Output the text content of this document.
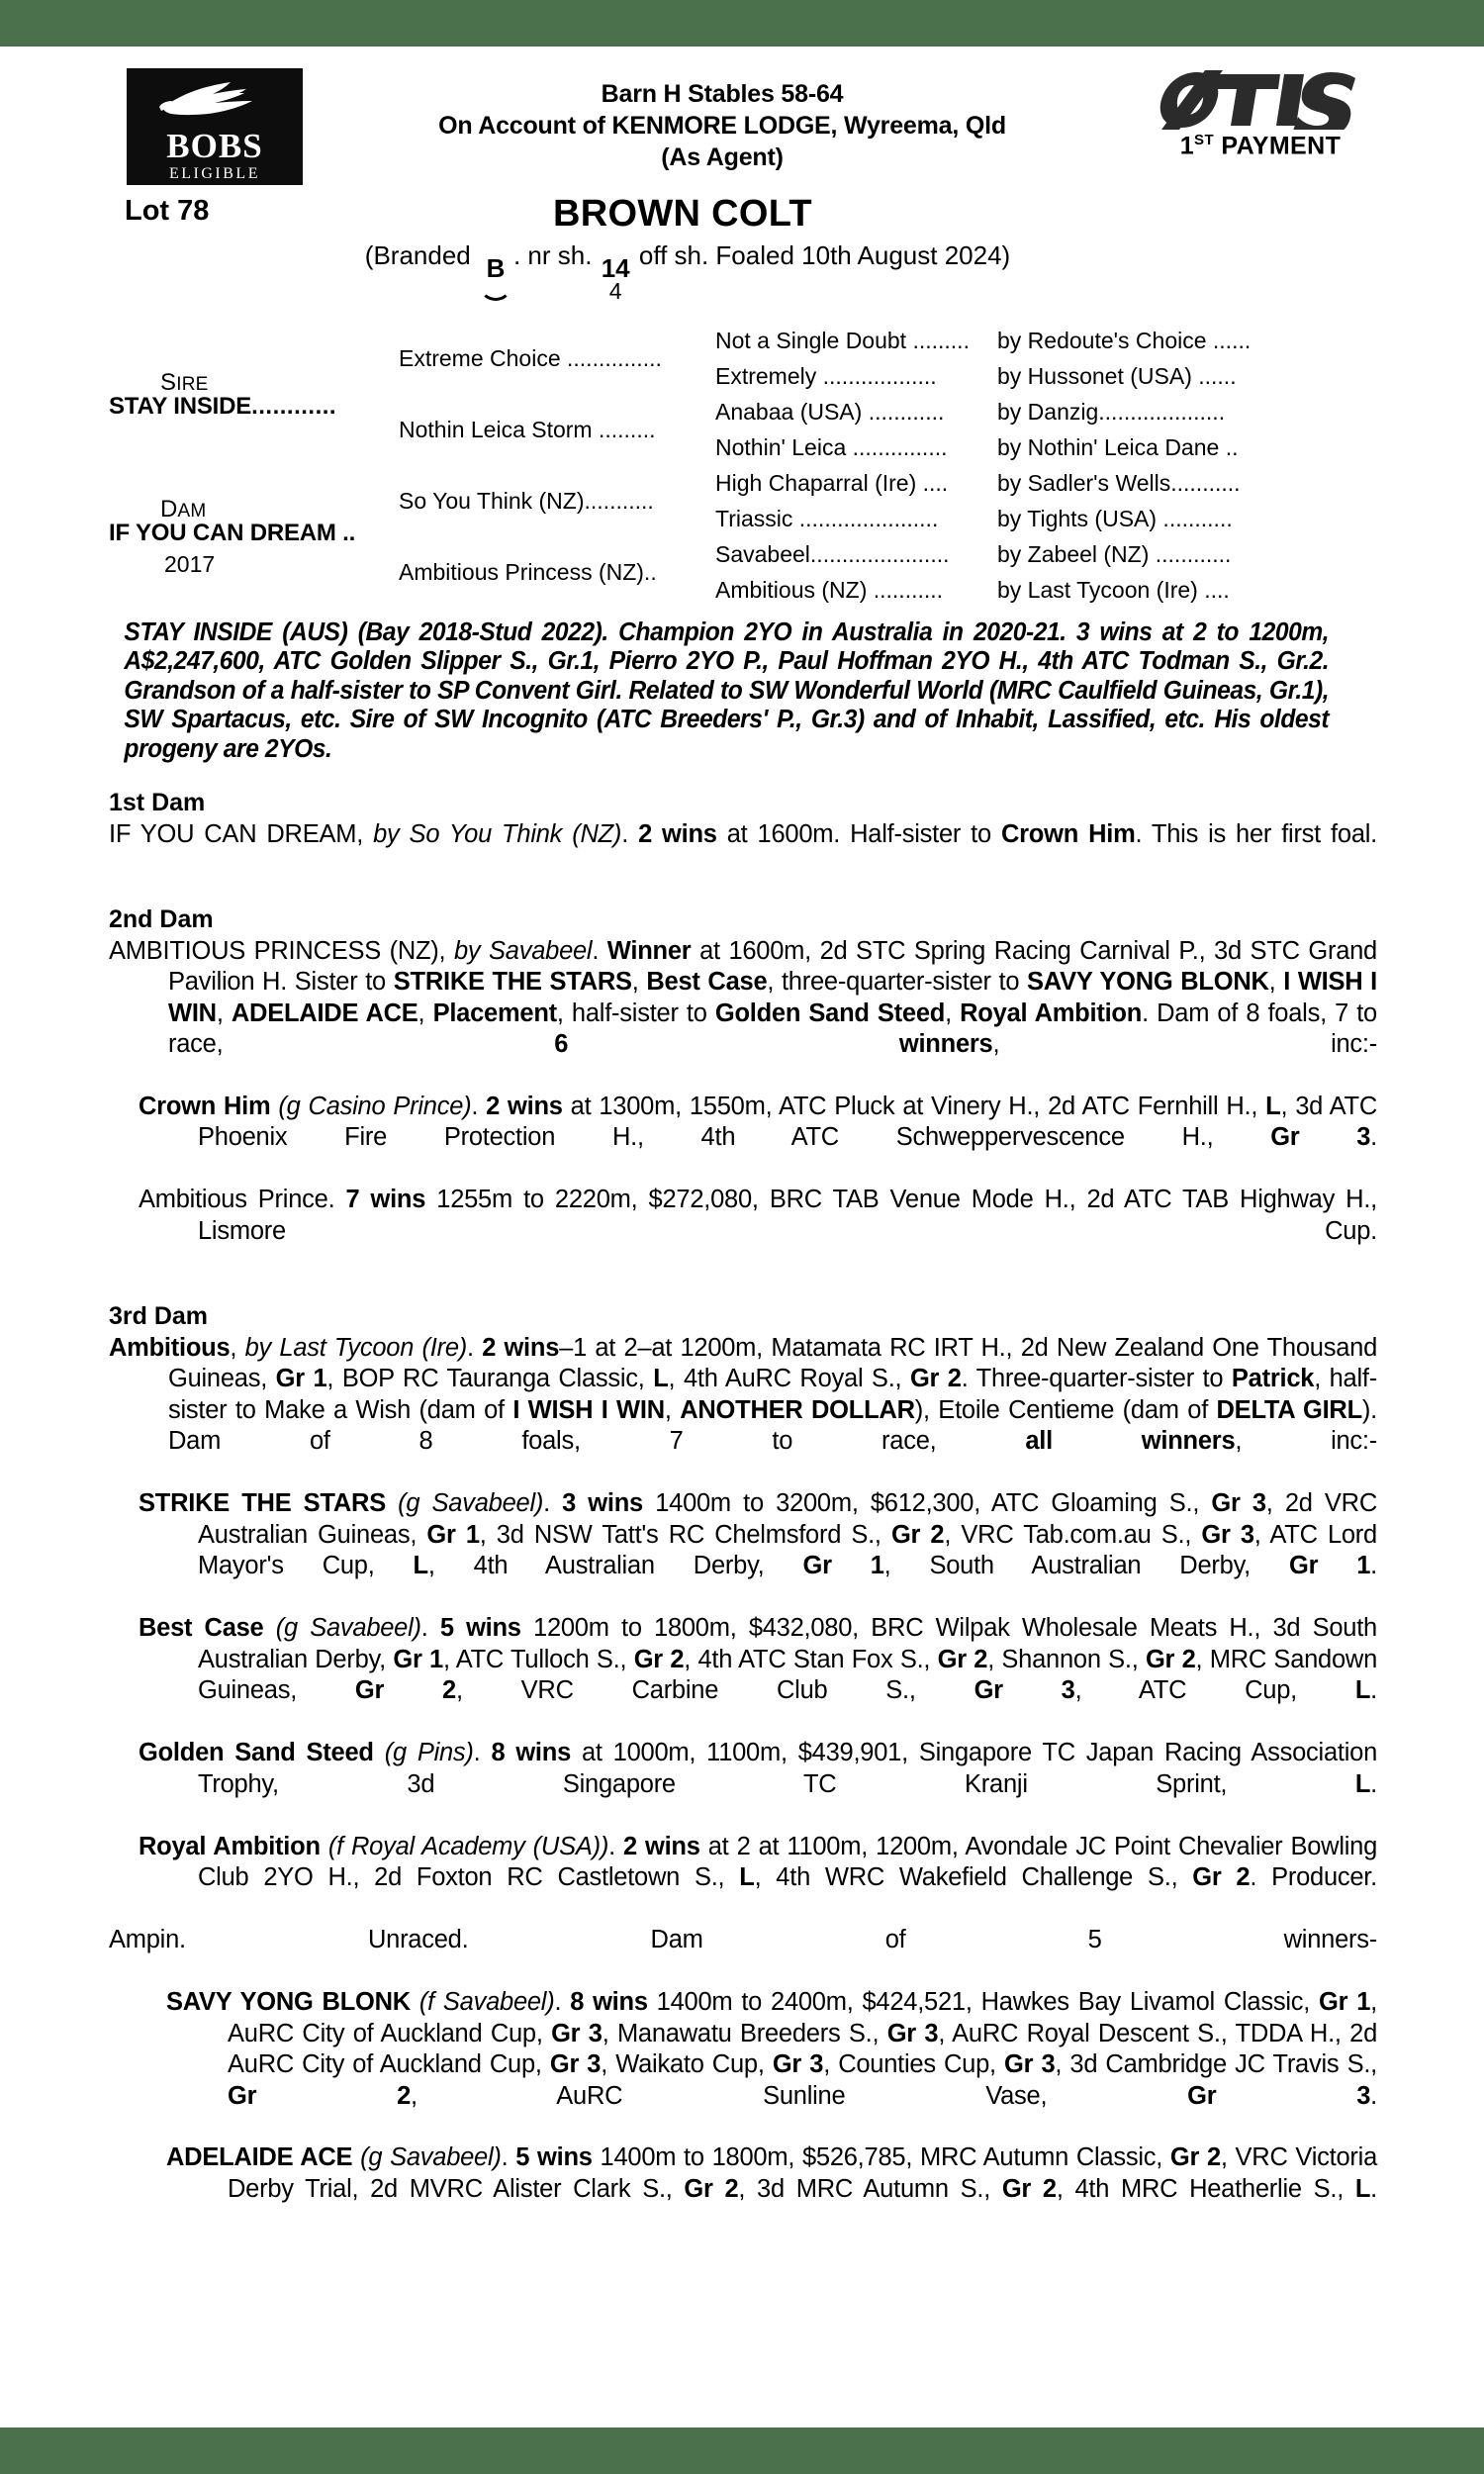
BOBS
ELIGIBLE
Barn H Stables 58-64
On Account of KENMORE LODGE, Wyreema, Qld
(As Agent)	1ST PAYMENT
Lot 78	BROWN COLT
(Branded B . nr sh. 14
4
off sh. Foaled 10th August 2024)
SIRE
STAY INSIDE............
DAM
IF YOU CAN DREAM ..
2017
Extreme Choice ...............
Nothin Leica Storm .........
So You Think (NZ)...........
Ambitious Princess (NZ)..
Not a Single Doubt .........
Extremely ..................
Anabaa (USA) ............
Nothin' Leica ...............
High Chaparral (Ire) ....
Triassic ......................
Savabeel......................
Ambitious (NZ) ...........
by Redoute's Choice ......
by Hussonet (USA) ......
by Danzig....................
by Nothin' Leica Dane ..
by Sadler's Wells...........
by Tights (USA) ...........
by Zabeel (NZ) ............
by Last Tycoon (Ire) ....
STAY INSIDE (AUS) (Bay 2018-Stud 2022). Champion 2YO in Australia in 2020-21. 3 wins at 2 to 1200m, A$2,247,600, ATC Golden Slipper S., Gr.1, Pierro 2YO P., Paul Hoffman 2YO H., 4th ATC Todman S., Gr.2. Grandson of a half-sister to SP Convent Girl. Related to SW Wonderful World (MRC Caulfield Guineas, Gr.1), SW Spartacus, etc. Sire of SW Incognito (ATC Breeders' P., Gr.3) and of Inhabit, Lassified, etc. His oldest progeny are 2YOs.
1st Dam
IF YOU CAN DREAM, by So You Think (NZ). 2 wins at 1600m. Half-sister to Crown Him. This is her first foal.
2nd Dam
AMBITIOUS PRINCESS (NZ), by Savabeel. Winner at 1600m, 2d STC Spring Racing Carnival P., 3d STC Grand Pavilion H. Sister to STRIKE THE STARS, Best Case, three-quarter-sister to SAVY YONG BLONK, I WISH I WIN, ADELAIDE ACE, Placement, half-sister to Golden Sand Steed, Royal Ambition. Dam of 8 foals, 7 to race, 6 winners, inc:-
Crown Him (g Casino Prince). 2 wins at 1300m, 1550m, ATC Pluck at Vinery H., 2d ATC Fernhill H., L, 3d ATC Phoenix Fire Protection H., 4th ATC Schweppervescence H., Gr 3.
Ambitious Prince. 7 wins 1255m to 2220m, $272,080, BRC TAB Venue Mode H., 2d ATC TAB Highway H., Lismore Cup.
3rd Dam
Ambitious, by Last Tycoon (Ire). 2 wins–1 at 2–at 1200m, Matamata RC IRT H., 2d New Zealand One Thousand Guineas, Gr 1, BOP RC Tauranga Classic, L, 4th AuRC Royal S., Gr 2. Three-quarter-sister to Patrick, half-sister to Make a Wish (dam of I WISH I WIN, ANOTHER DOLLAR), Etoile Centieme (dam of DELTA GIRL). Dam of 8 foals, 7 to race, all winners, inc:-
STRIKE THE STARS (g Savabeel). 3 wins 1400m to 3200m, $612,300, ATC Gloaming S., Gr 3, 2d VRC Australian Guineas, Gr 1, 3d NSW Tatt's RC Chelmsford S., Gr 2, VRC Tab.com.au S., Gr 3, ATC Lord Mayor's Cup, L, 4th Australian Derby, Gr 1, South Australian Derby, Gr 1.
Best Case (g Savabeel). 5 wins 1200m to 1800m, $432,080, BRC Wilpak Wholesale Meats H., 3d South Australian Derby, Gr 1, ATC Tulloch S., Gr 2, 4th ATC Stan Fox S., Gr 2, Shannon S., Gr 2, MRC Sandown Guineas, Gr 2, VRC Carbine Club S., Gr 3, ATC Cup, L.
Golden Sand Steed (g Pins). 8 wins at 1000m, 1100m, $439,901, Singapore TC Japan Racing Association Trophy, 3d Singapore TC Kranji Sprint, L.
Royal Ambition (f Royal Academy (USA)). 2 wins at 2 at 1100m, 1200m, Avondale JC Point Chevalier Bowling Club 2YO H., 2d Foxton RC Castletown S., L, 4th WRC Wakefield Challenge S., Gr 2. Producer.
Ampin. Unraced. Dam of 5 winners-
SAVY YONG BLONK (f Savabeel). 8 wins 1400m to 2400m, $424,521, Hawkes Bay Livamol Classic, Gr 1, AuRC City of Auckland Cup, Gr 3, Manawatu Breeders S., Gr 3, AuRC Royal Descent S., TDDA H., 2d AuRC City of Auckland Cup, Gr 3, Waikato Cup, Gr 3, Counties Cup, Gr 3, 3d Cambridge JC Travis S., Gr 2, AuRC Sunline Vase, Gr 3.
ADELAIDE ACE (g Savabeel). 5 wins 1400m to 1800m, $526,785, MRC Autumn Classic, Gr 2, VRC Victoria Derby Trial, 2d MVRC Alister Clark S., Gr 2, 3d MRC Autumn S., Gr 2, 4th MRC Heatherlie S., L.
